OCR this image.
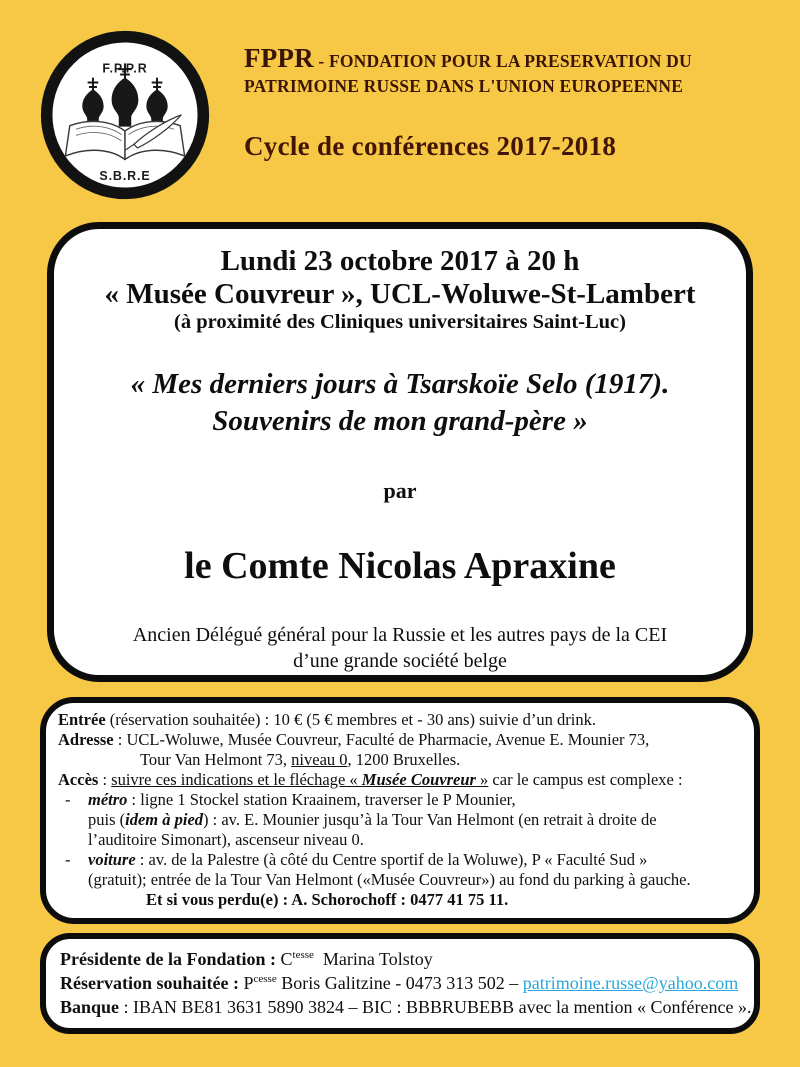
F.P.P.R
S.B.R.E

FPPR - FONDATION POUR LA PRESERVATION DU
PATRIMOINE RUSSE DANS L'UNION EUROPEENNE

Cycle de conférences 2017-2018

Lundi 23 octobre 2017 à 20 h

« Musée Couvreur », UCL-Woluwe-St-Lambert

(à proximité des Cliniques universitaires Saint-Luc)

« Mes derniers jours à Tsarskoïe Selo (1917).
Souvenirs de mon grand-père »

par

le Comte Nicolas Apraxine

Ancien Délégué général pour la Russie et les autres pays de la CEI
d’une grande société belge

Entrée (réservation souhaitée) : 10 € (5 € membres et - 30 ans) suivie d’un drink.
Adresse : UCL-Woluwe, Musée Couvreur, Faculté de Pharmacie, Avenue E. Mounier 73,
Tour Van Helmont 73, niveau 0, 1200 Bruxelles.
Accès : suivre ces indications et le fléchage « Musée Couvreur » car le campus est complexe :
- métro : ligne 1 Stockel station Kraainem, traverser le P Mounier,
puis (idem à pied) : av. E. Mounier jusqu’à la Tour Van Helmont (en retrait à droite de
l’auditoire Simonart), ascenseur niveau 0.
- voiture : av. de la Palestre (à côté du Centre sportif de la Woluwe), P « Faculté Sud »
(gratuit); entrée de la Tour Van Helmont («Musée Couvreur») au fond du parking à gauche.
Et si vous perdu(e) : A. Schorochoff : 0477 41 75 11.
Présidente de la Fondation : $C^{tesse}$  Marina Tolstoy
Réservation souhaitée : $P^{cesse}$ Boris Galitzine - 0473 313 502 – patrimoine.russe@yahoo.com
Banque : IBAN BE81 3631 5890 3824 – BIC : BBBRUBEBB avec la mention « Conférence ».
